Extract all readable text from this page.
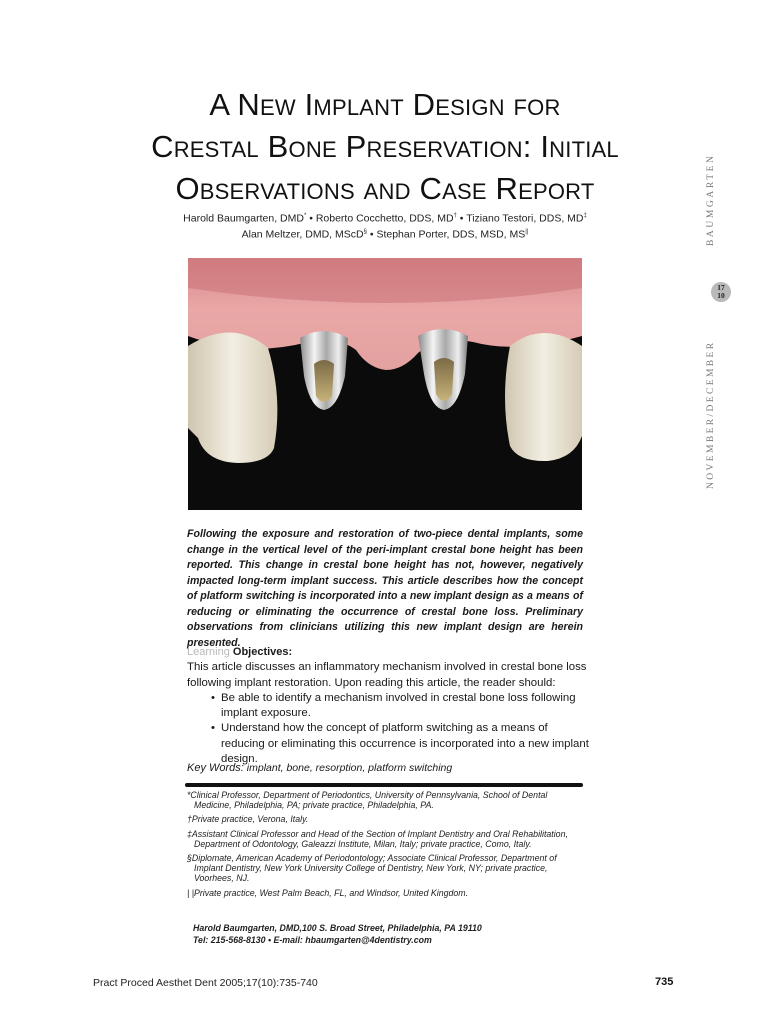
A New Implant Design for
Crestal Bone Preservation: Initial
Observations and Case Report
Harold Baumgarten, DMD* • Roberto Cocchetto, DDS, MD† • Tiziano Testori, DDS, MD‡
Alan Meltzer, DMD, MScD§ • Stephan Porter, DDS, MSD, MS||	BAUMGARTEN
17
10
NOVEMBER/DECEMBER

Following the exposure and restoration of two-piece dental implants, some change in the vertical level of the peri-implant crestal bone height has been reported. This change in crestal bone height has not, however, negatively impacted long-term implant success. This article describes how the concept of platform switching is incorporated into a new implant design as a means of reducing or eliminating the occurrence of crestal bone loss. Preliminary observations from clinicians utilizing this new implant design are herein presented.

Learning Objectives:

This article discusses an inflammatory mechanism involved in crestal bone loss following implant restoration. Upon reading this article, the reader should:

• Be able to identify a mechanism involved in crestal bone loss following implant exposure.
• Understand how the concept of platform switching as a means of reducing or eliminating this occurrence is incorporated into a new implant design.
Key Words: implant, bone, resorption, platform switching

*Clinical Professor, Department of Periodontics, University of Pennsylvania, School of Dental Medicine, Philadelphia, PA; private practice, Philadelphia, PA.

†Private practice, Verona, Italy.

‡Assistant Clinical Professor and Head of the Section of Implant Dentistry and Oral Rehabilitation, Department of Odontology, Galeazzi Institute, Milan, Italy; private practice, Como, Italy.

§Diplomate, American Academy of Periodontology; Associate Clinical Professor, Department of Implant Dentistry, New York University College of Dentistry, New York, NY; private practice, Voorhees, NJ.

| |Private practice, West Palm Beach, FL, and Windsor, United Kingdom.

Harold Baumgarten, DMD,100 S. Broad Street, Philadelphia, PA 19110
Tel: 215-568-8130 • E-mail: hbaumgarten@4dentistry.com
Pract Proced Aesthet Dent 2005;17(10):735-740	735
